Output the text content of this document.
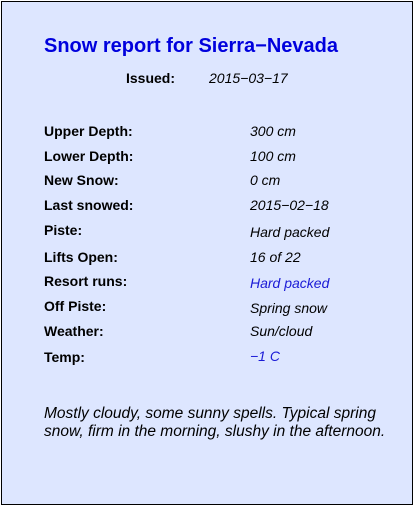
Snow report for Sierra−Nevada
Issued: 2015−03−17
Upper Depth:	300 cm
Lower Depth:	100 cm
New Snow:	0 cm
Last snowed:	2015−02−18
Piste:	Hard packed
Lifts Open:	16 of 22
Resort runs:	Hard packed
Off Piste:	Spring snow
Weather:	Sun/cloud
Temp:	−1 C
Mostly cloudy, some sunny spells. Typical spring snow, firm in the morning, slushy in the afternoon.
